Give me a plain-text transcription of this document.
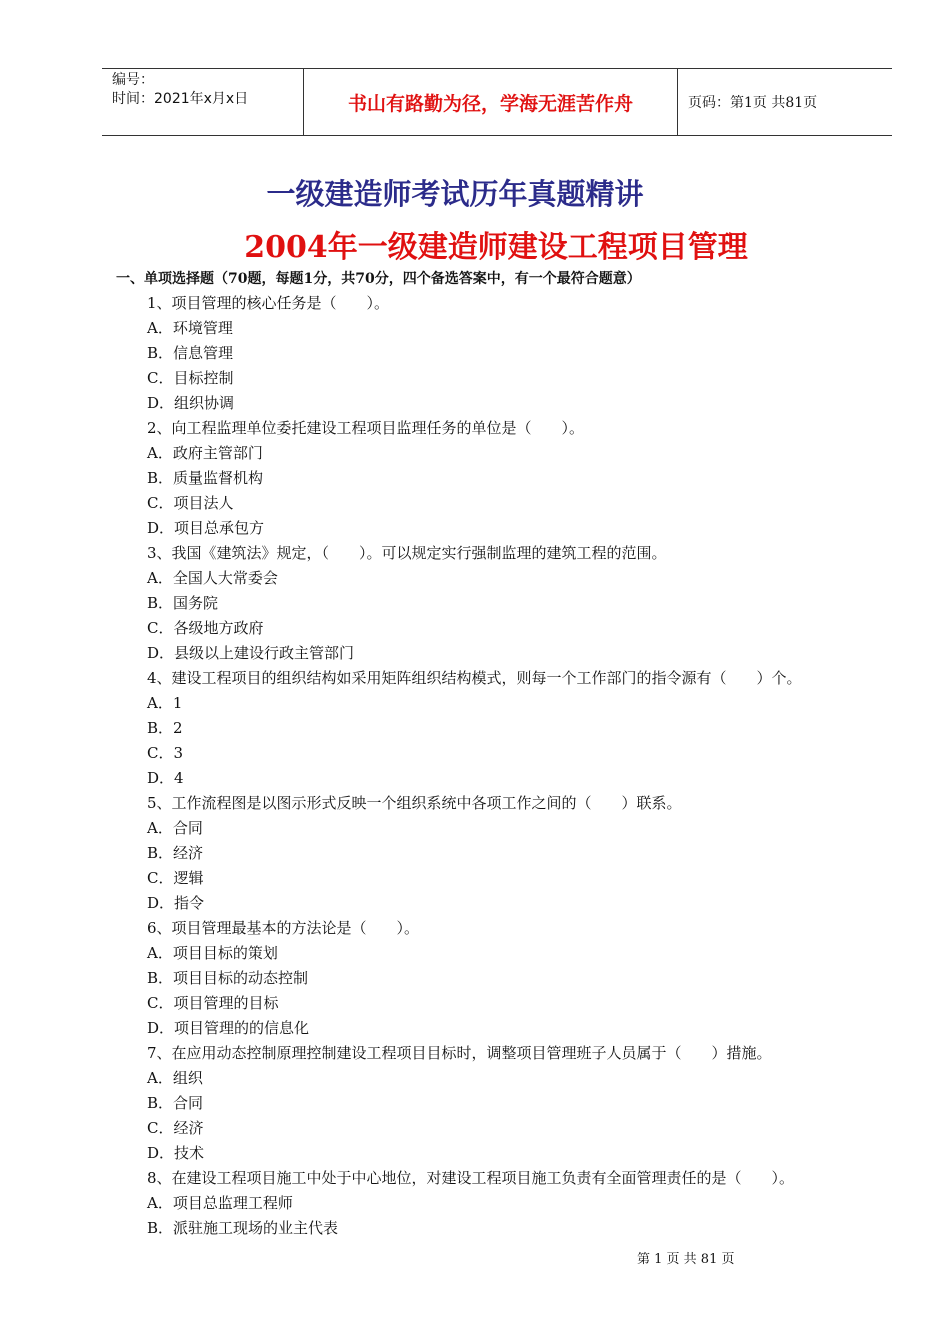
编号：
时间：2021年x月x日	书山有路勤为径，学海无涯苦作舟	页码：第1页 共81页
一级建造师考试历年真题精讲
2004年一级建造师建设工程项目管理
一、单项选择题（70题，每题1分，共70分，四个备选答案中，有一个最符合题意）
1、项目管理的核心任务是（　　）。
A．环境管理
B．信息管理
C．目标控制
D．组织协调
2、向工程监理单位委托建设工程项目监理任务的单位是（　　）。
A．政府主管部门
B．质量监督机构
C．项目法人
D．项目总承包方
3、我国《建筑法》规定，（　　）。可以规定实行强制监理的建筑工程的范围。
A．全国人大常委会
B．国务院
C．各级地方政府
D．县级以上建设行政主管部门
4、建设工程项目的组织结构如采用矩阵组织结构模式，则每一个工作部门的指令源有（　　）个。
A．1
B．2
C．3
D．4
5、工作流程图是以图示形式反映一个组织系统中各项工作之间的（　　）联系。
A．合同
B．经济
C．逻辑
D．指令
6、项目管理最基本的方法论是（　　）。
A．项目目标的策划
B．项目目标的动态控制
C．项目管理的目标
D．项目管理的的信息化
7、在应用动态控制原理控制建设工程项目目标时，调整项目管理班子人员属于（　　）措施。
A．组织
B．合同
C．经济
D．技术
8、在建设工程项目施工中处于中心地位，对建设工程项目施工负责有全面管理责任的是（　　）。
A．项目总监理工程师
B．派驻施工现场的业主代表
第 1 页 共 81 页
